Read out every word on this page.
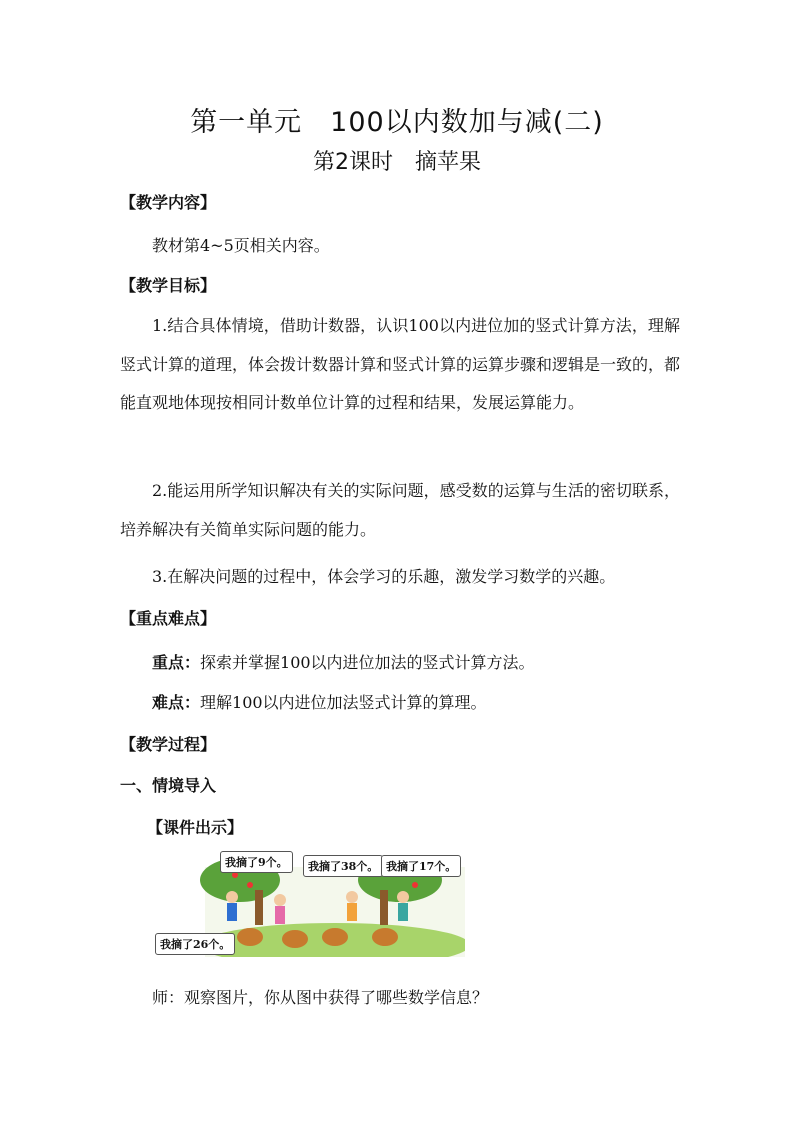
第一单元　100以内数加与减(二)
第2课时　摘苹果
【教学内容】
教材第4~5页相关内容。
【教学目标】
1.结合具体情境，借助计数器，认识100以内进位加的竖式计算方法，理解竖式计算的道理，体会拨计数器计算和竖式计算的运算步骤和逻辑是一致的，都能直观地体现按相同计数单位计算的过程和结果，发展运算能力。
2.能运用所学知识解决有关的实际问题，感受数的运算与生活的密切联系，培养解决有关简单实际问题的能力。
3.在解决问题的过程中，体会学习的乐趣，激发学习数学的兴趣。
【重点难点】
重点：探索并掌握100以内进位加法的竖式计算方法。
难点：理解100以内进位加法竖式计算的算理。
【教学过程】
一、情境导入
【课件出示】
我摘了9个。	我摘了38个。 我摘了17个。
我摘了26个。
师：观察图片，你从图中获得了哪些数学信息？
